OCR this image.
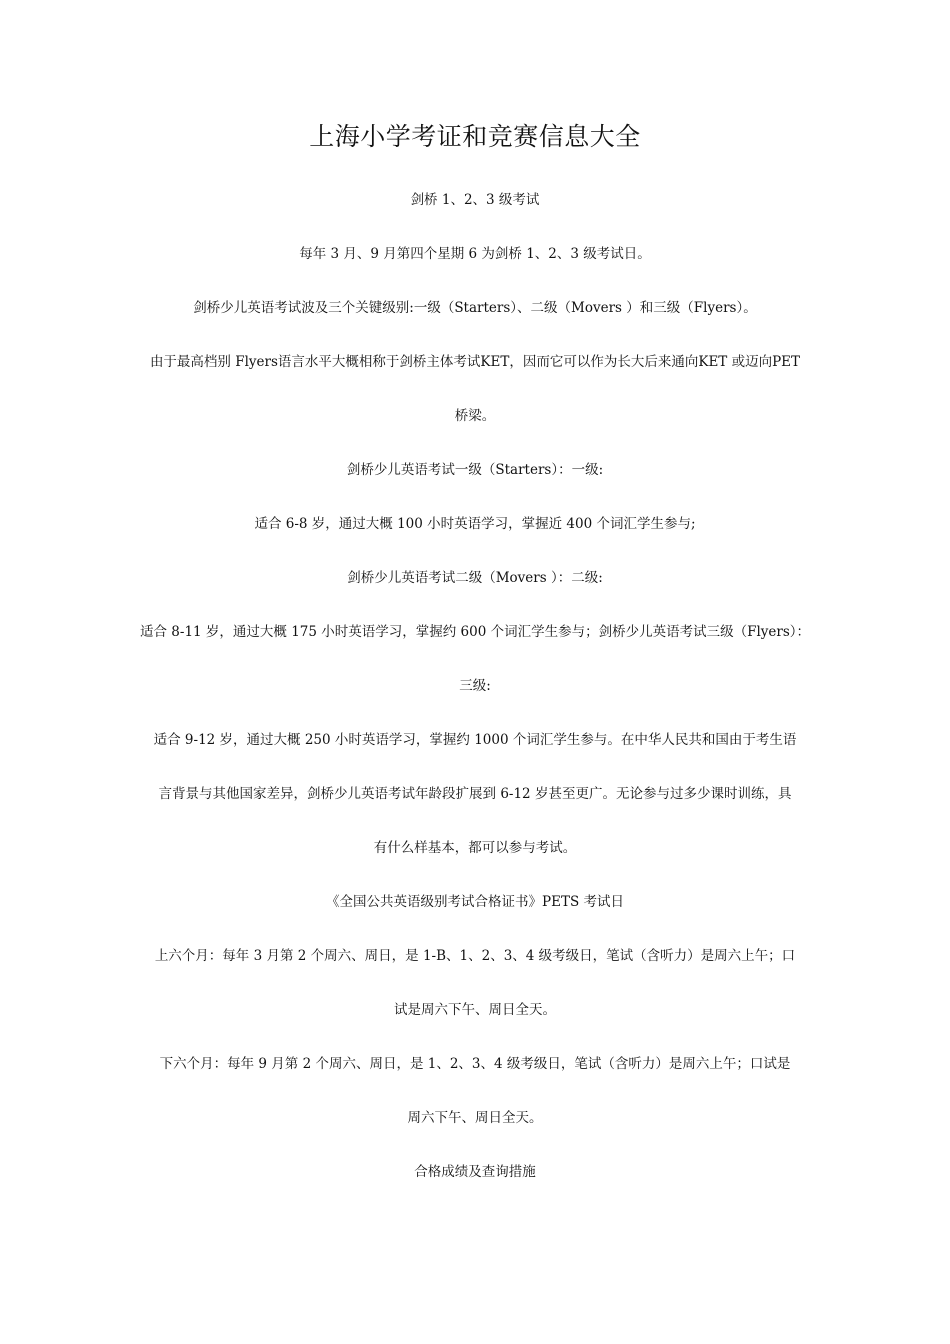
上海小学考证和竞赛信息大全
剑桥 1、2、3 级考试
每年 3 月、9 月第四个星期 6 为剑桥 1、2、3 级考试日。
剑桥少儿英语考试波及三个关键级别:一级（Starters）、二级（Movers ）和三级（Flyers）。
由于最高档别 Flyers语言水平大概相称于剑桥主体考试KET，因而它可以作为长大后来通向KET 或迈向PET
桥梁。
剑桥少儿英语考试一级（Starters）：一级:
适合 6-8 岁，通过大概 100 小时英语学习，掌握近 400 个词汇学生参与;
剑桥少儿英语考试二级（Movers ）：二级:
适合 8-11 岁，通过大概 175 小时英语学习，掌握约 600 个词汇学生参与；剑桥少儿英语考试三级（Flyers）：
三级:
适合 9-12 岁，通过大概 250 小时英语学习，掌握约 1000 个词汇学生参与。在中华人民共和国由于考生语
言背景与其他国家差异，剑桥少儿英语考试年龄段扩展到 6-12 岁甚至更广。无论参与过多少课时训练，具
有什么样基本，都可以参与考试。
《全国公共英语级别考试合格证书》PETS 考试日
上六个月：每年 3 月第 2 个周六、周日，是 1-B、1、2、3、4 级考级日，笔试（含听力）是周六上午；口
试是周六下午、周日全天。
下六个月：每年 9 月第 2 个周六、周日，是 1、2、3、4 级考级日，笔试（含听力）是周六上午；口试是
周六下午、周日全天。
合格成绩及查询措施
